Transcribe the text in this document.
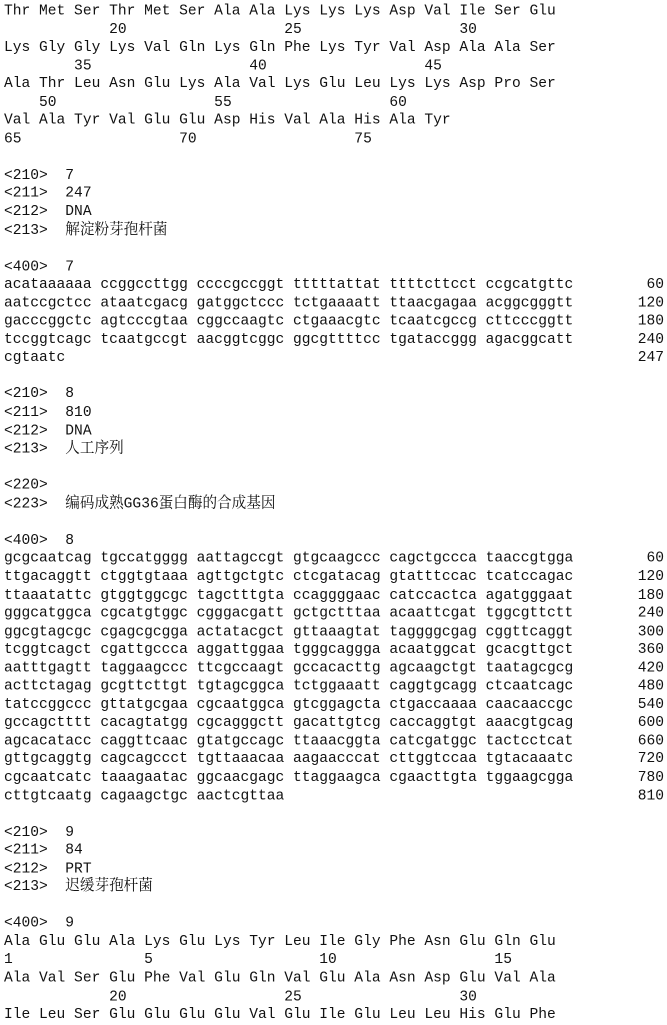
Thr Met Ser Thr Met Ser Ala Ala Lys Lys Lys Asp Val Ile Ser Glu
20                  25                  30
Lys Gly Gly Lys Val Gln Lys Gln Phe Lys Tyr Val Asp Ala Ala Ser
35                  40                  45
Ala Thr Leu Asn Glu Lys Ala Val Lys Glu Leu Lys Lys Asp Pro Ser
50                  55                  60
Val Ala Tyr Val Glu Glu Asp His Val Ala His Ala Tyr
65                  70                  75
<210>  7
<211>  247
<212>  DNA
<213>  解淀粉芽孢杆菌
<400>  7
acataaaaaa ccggccttgg ccccgccggt tttttattat ttttcttcct ccgcatgttc	60
aatccgctcc ataatcgacg gatggctccc tctgaaaatt ttaacgagaa acggcgggtt	120
gacccggctc agtcccgtaa cggccaagtc ctgaaacgtc tcaatcgccg cttcccggtt	180
tccggtcagc tcaatgccgt aacggtcggc ggcgttttcc tgataccggg agacggcatt	240
cgtaatc	247
<210>  8
<211>  810
<212>  DNA
<213>  人工序列
<220>
<223>  编码成熟GG36蛋白酶的合成基因
<400>  8
gcgcaatcag tgccatgggg aattagccgt gtgcaagccc cagctgccca taaccgtgga	60
ttgacaggtt ctggtgtaaa agttgctgtc ctcgatacag gtatttccac tcatccagac	120
ttaaatattc gtggtggcgc tagctttgta ccaggggaac catccactca agatgggaat	180
gggcatggca cgcatgtggc cgggacgatt gctgctttaa acaattcgat tggcgttctt	240
ggcgtagcgc cgagcgcgga actatacgct gttaaagtat taggggcgag cggttcaggt	300
tcggtcagct cgattgccca aggattggaa tgggcaggga acaatggcat gcacgttgct	360
aatttgagtt taggaagccc ttcgccaagt gccacacttg agcaagctgt taatagcgcg	420
acttctagag gcgttcttgt tgtagcggca tctggaaatt caggtgcagg ctcaatcagc	480
tatccggccc gttatgcgaa cgcaatggca gtcggagcta ctgaccaaaa caacaaccgc	540
gccagctttt cacagtatgg cgcagggctt gacattgtcg caccaggtgt aaacgtgcag	600
agcacatacc caggttcaac gtatgccagc ttaaacggta catcgatggc tactcctcat	660
gttgcaggtg cagcagccct tgttaaacaa aagaacccat cttggtccaa tgtacaaatc	720
cgcaatcatc taaagaatac ggcaacgagc ttaggaagca cgaacttgta tggaagcgga	780
cttgtcaatg cagaagctgc aactcgttaa	810
<210>  9
<211>  84
<212>  PRT
<213>  迟缓芽孢杆菌
<400>  9
Ala Glu Glu Ala Lys Glu Lys Tyr Leu Ile Gly Phe Asn Glu Gln Glu
1               5                   10                  15
Ala Val Ser Glu Phe Val Glu Gln Val Glu Ala Asn Asp Glu Val Ala
20                  25                  30
Ile Leu Ser Glu Glu Glu Glu Val Glu Ile Glu Leu Leu His Glu Phe
